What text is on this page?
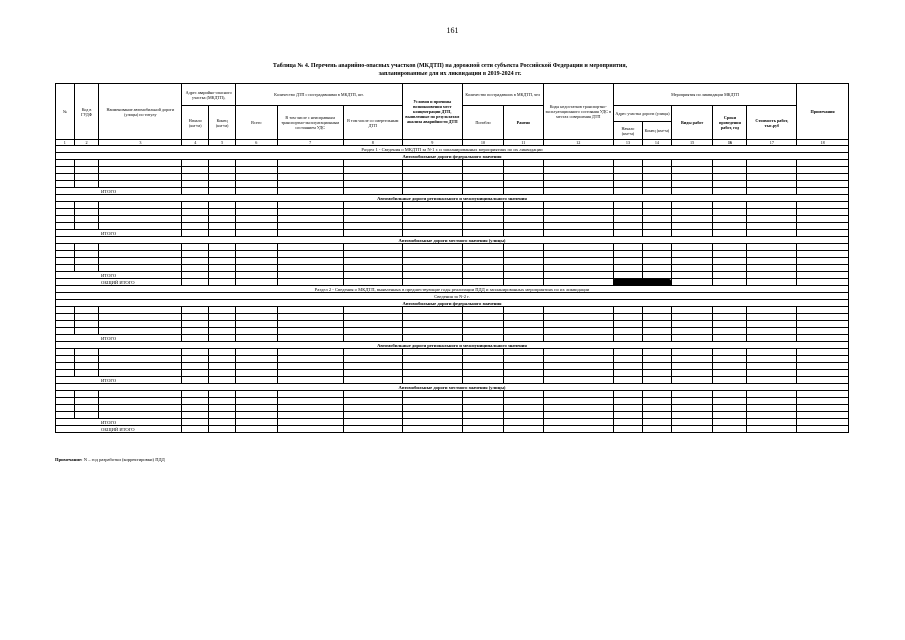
161
Таблица № 4. Перечень аварийно-опасных участков (МКДТП) на дорожной сети субъекта Российской Федерации и мероприятия,
запланированные для их ликвидации в 2019-2024 гг.
№	Код в ГУДФ	Наименование автомобильной дороги (улицы) по титулу	Адрес аварийно-опасного участка (МКДТП),		Количество ДТП с пострадавшими в МКДТП, шт.			Условия и причины возникновения мест концентрации ДТП, выявленные по результатам анализа аварийности ДТП	Количество пострадавших в МКДТП, чел		Коды недостатков транспортно-эксплуатационного состояния УДС в местах совершения ДТП	Мероприятия по ликвидации МКДТП					Примечания
			Начало (км+м)	Конец (км+м)	Всего	В том числе с неисправным транспортно-эксплуатационным состоянием УДС	В том числе со смертельным ДТП		Погибло	Ранено		Адрес участка дороги (улицы)		Виды работ	Сроки проведения работ, год	Стоимость работ, тыс.руб	
												Начало (км+м)	Конец (км+м)				
1	2	3	4	5	6	7	8	9	10	11	12	13	14	15	16	17	18
Раздел 1 - Сведения о МКДТП за N-1 г. и запланированных мероприятиях по их ликвидации																	
Автомобильные дороги федерального значения																	

ИТОГО																	
Автомобильные дороги регионального и межмуниципального значения																	

ИТОГО																	
Автомобильные дороги местного значения (улицы)																	

ИТОГО																	
ОБЩИЙ ИТОГО																	
Раздел 2 - Сведения о МКДТП, выявленных в предшествующие годы реализации ПДД и запланированных мероприятиях по их ликвидации																	
Сведения за N-2 г.																	
Автомобильные дороги федерального значения																	

ИТОГО																	
Автомобильные дороги регионального и межмуниципального значения																	

ИТОГО																	
Автомобильные дороги местного значения (улицы)																	

ИТОГО																	
ОБЩИЙ ИТОГО																	
Примечание: N – год разработки (корректировки) ПДД
